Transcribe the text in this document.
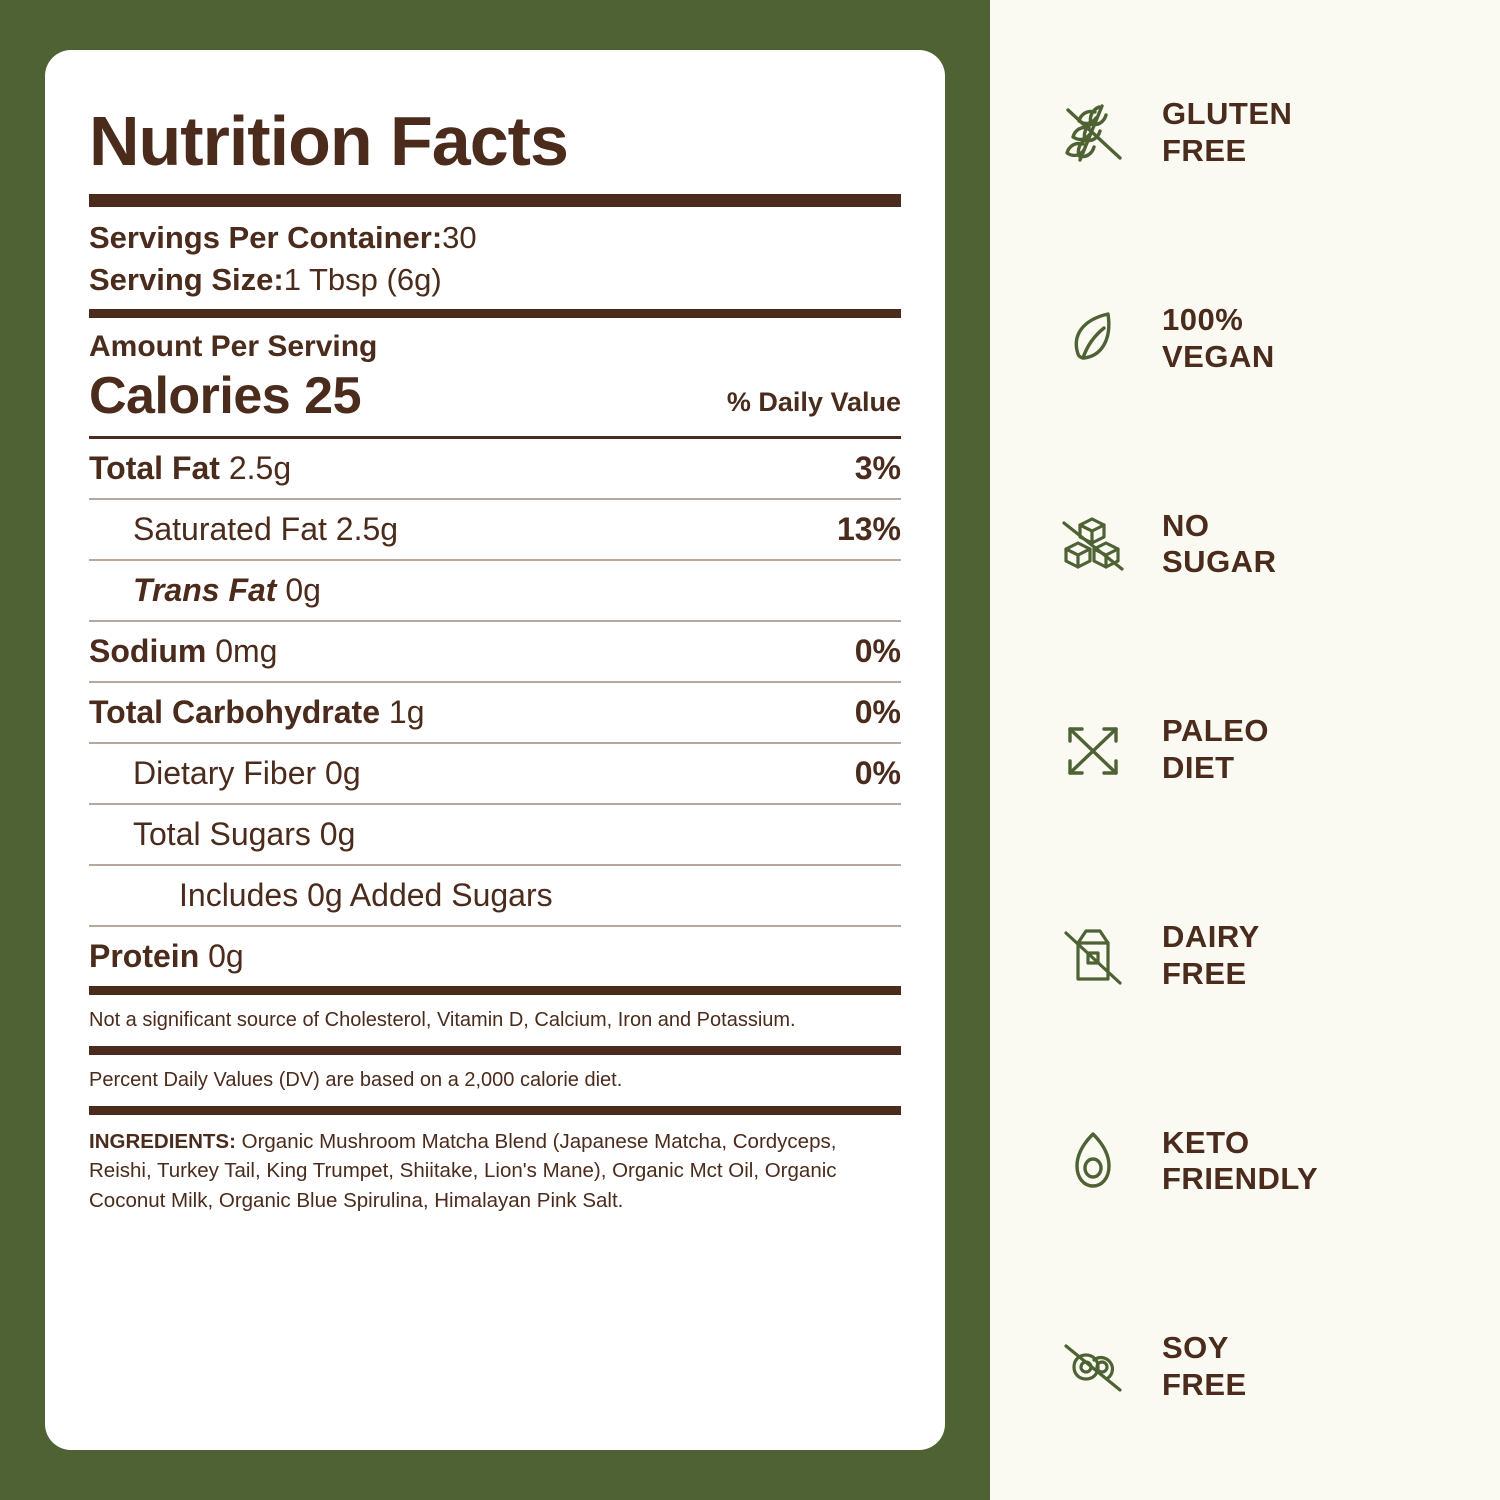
Nutrition Facts
Servings Per Container:30
Serving Size:1 Tbsp (6g)
Amount Per Serving
Calories 25	% Daily Value
Total Fat 2.5g	3%
Saturated Fat 2.5g	13%
Trans Fat 0g
Sodium 0mg	0%
Total Carbohydrate 1g	0%
Dietary Fiber 0g	0%
Total Sugars 0g
Includes 0g Added Sugars
Protein 0g
Not a significant source of Cholesterol, Vitamin D, Calcium, Iron and Potassium.
Percent Daily Values (DV) are based on a 2,000 calorie diet.
INGREDIENTS: Organic Mushroom Matcha Blend (Japanese Matcha, Cordyceps, Reishi, Turkey Tail, King Trumpet, Shiitake, Lion's Mane), Organic Mct Oil, Organic Coconut Milk, Organic Blue Spirulina, Himalayan Pink Salt.
GLUTEN
FREE
100%
VEGAN
NO
SUGAR
PALEO
DIET
DAIRY
FREE
KETO
FRIENDLY
SOY
FREE
